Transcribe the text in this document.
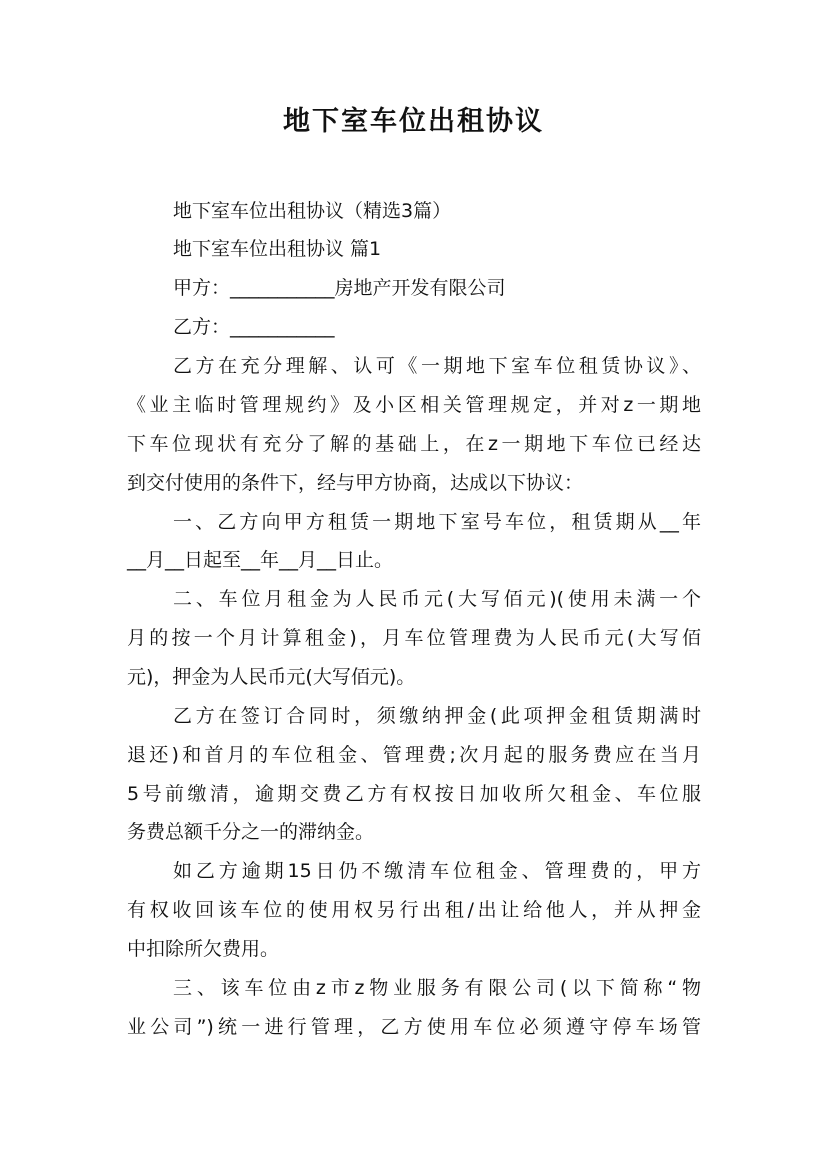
地下室车位出租协议
地下室车位出租协议（精选3篇）
地下室车位出租协议 篇1
甲方：___________房地产开发有限公司
乙方：___________
乙方在充分理解、认可《一期地下室车位租赁协议》、
《业主临时管理规约》及小区相关管理规定，并对z一期地
下车位现状有充分了解的基础上，在z一期地下车位已经达
到交付使用的条件下，经与甲方协商，达成以下协议：
一、乙方向甲方租赁一期地下室号车位，租赁期从__年
__月__日起至__年__月__日止。
二、车位月租金为人民币元(大写佰元)(使用未满一个
月的按一个月计算租金)，月车位管理费为人民币元(大写佰
元)，押金为人民币元(大写佰元)。
乙方在签订合同时，须缴纳押金(此项押金租赁期满时
退还)和首月的车位租金、管理费;次月起的服务费应在当月
5号前缴清，逾期交费乙方有权按日加收所欠租金、车位服
务费总额千分之一的滞纳金。
如乙方逾期15日仍不缴清车位租金、管理费的，甲方
有权收回该车位的使用权另行出租/出让给他人，并从押金
中扣除所欠费用。
三、该车位由z市z物业服务有限公司(以下简称“物
业公司”)统一进行管理，乙方使用车位必须遵守停车场管
